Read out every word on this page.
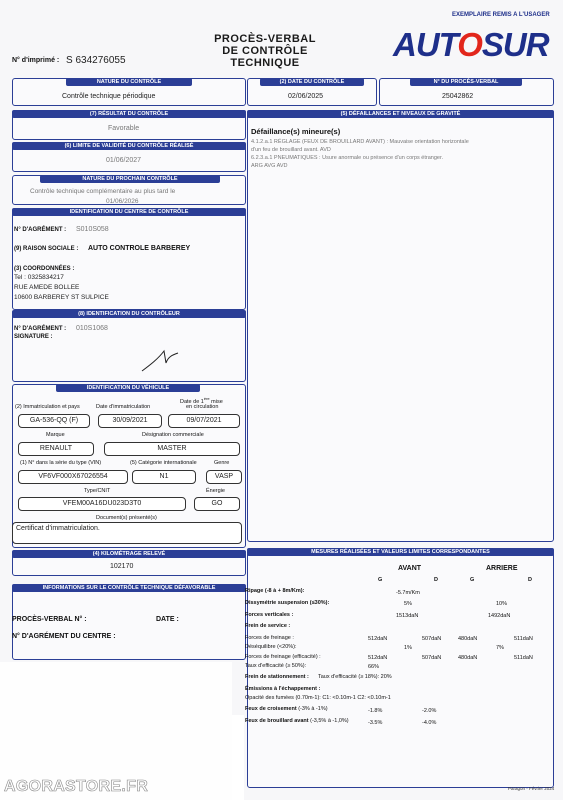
EXEMPLAIRE REMIS A L'USAGER
PROCÈS-VERBAL
DE CONTRÔLE TECHNIQUE	AUTOSUR
N° d'imprimé : S 634276055
NATURE DU CONTRÔLE
Contrôle technique périodique
(2) DATE DU CONTRÔLE
02/06/2025
N° DU PROCÈS-VERBAL
25042862
(7) RÉSULTAT DU CONTRÔLE
Favorable
(6) LIMITE DE VALIDITÉ DU CONTRÔLE RÉALISÉ
01/06/2027
NATURE DU PROCHAIN CONTRÔLE
Contrôle technique complémentaire au plus tard le
01/06/2026
(5) DÉFAILLANCES ET NIVEAUX DE GRAVITÉ
Défaillance(s) mineure(s)
4.1.2.a.1 RÉGLAGE (FEUX DE BROUILLARD AVANT) : Mauvaise orientation horizontale
d'un feu de brouillard avant. AVD
6.2.3.a.1 PNEUMATIQUES : Usure anormale ou présence d'un corps étranger.
ARG AVG AVD
IDENTIFICATION DU CENTRE DE CONTRÔLE
N° D'AGRÉMENT : S010S058
(9) RAISON SOCIALE : AUTO CONTROLE BARBEREY
(3) COORDONNÉES :
Tel : 0325834217
RUE AMEDE BOLLEE
10600 BARBEREY ST SULPICE
(8) IDENTIFICATION DU CONTRÔLEUR
N° D'AGRÉMENT : 010S1068
SIGNATURE :
IDENTIFICATION DU VÉHICULE
(2) Immatriculation et pays	Date d'immatriculation
Date de 1ère mise
en circulation
GA-536-QQ (F)	30/09/2021	09/07/2021
Marque	Désignation commerciale
RENAULT	MASTER
(1) N° dans la série du type (VIN)	(5) Catégorie internationale	Genre
VF6VF000X67026554	N1	VASP
Type/CNIT	Énergie
VFEM00A16DU023D3T0	GO
Document(s) présenté(s)
Certificat d'immatriculation.
(4) KILOMÉTRAGE RELEVÉ
102170
INFORMATIONS SUR LE CONTRÔLE TECHNIQUE DÉFAVORABLE
PROCÈS-VERBAL N° :	DATE :
N° D'AGRÉMENT DU CENTRE :
MESURES RÉALISÉES ET VALEURS LIMITES CORRESPONDANTES
AVANT	ARRIERE
G	D	G	D
Ripage (-8 à + 8m/Km):	-5.7m/Km
Dissymétrie suspension (≤30%):	5%	10%
Forces verticales :	1513daN	1492daN
Frein de service :
Forces de freinage :	512daN	507daN	480daN	511daN
Déséquilibre (<20%):	1%	7%
Forces de freinage (efficacité) :	512daN	507daN	480daN	511daN
Taux d'efficacité (≥ 50%):	66%
Frein de stationnement : Taux d'efficacité (≥ 18%): 20%
Émissions à l'échappement :
Opacité des fumées (0.70m-1): C1: <0.10m-1 C2: <0.10m-1
Feux de croisement (-3% à -1%)	-1.8%	-2.0%
Feux de brouillard avant (-3,5% à -1,0%)	-3.5%	-4.0%
Paragon - Février 2024
AGORASTORE.FR
